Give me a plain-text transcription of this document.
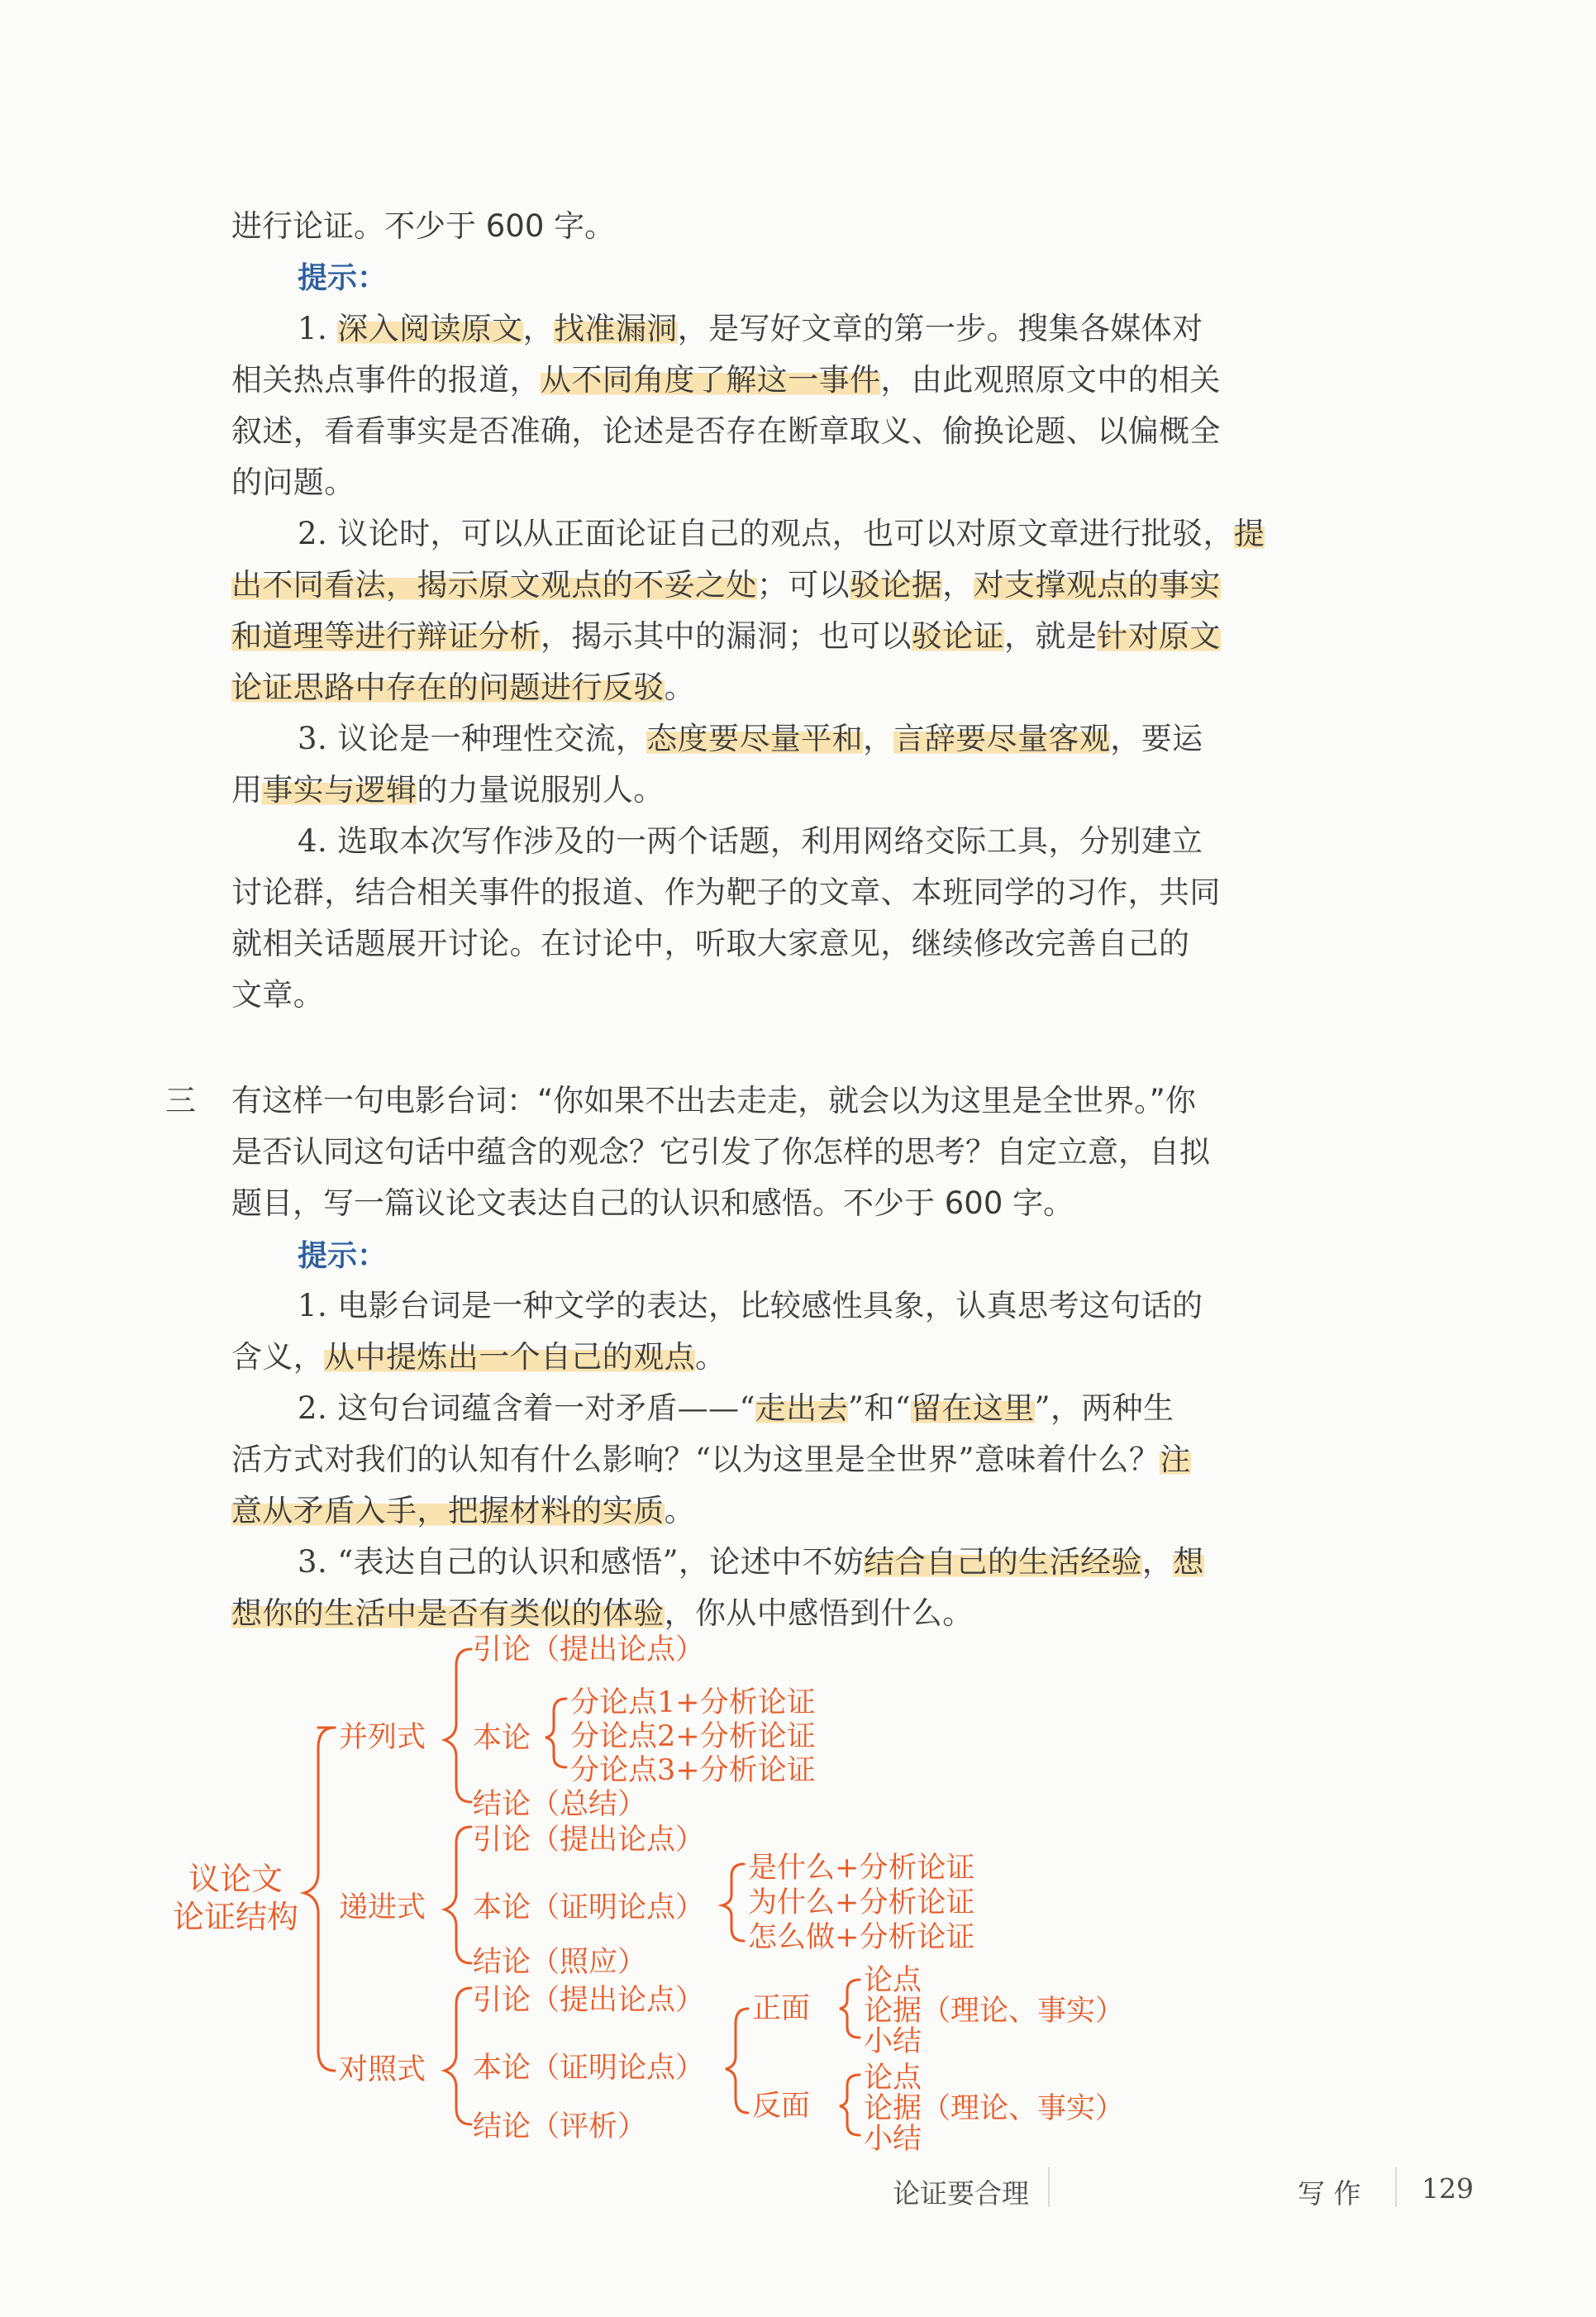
进行论证。不少于 600 字。
提示：
1. 深入阅读原文，找准漏洞，是写好文章的第一步。搜集各媒体对
相关热点事件的报道，从不同角度了解这一事件，由此观照原文中的相关
叙述，看看事实是否准确，论述是否存在断章取义、偷换论题、以偏概全
的问题。
2. 议论时，可以从正面论证自己的观点，也可以对原文章进行批驳，提
出不同看法，揭示原文观点的不妥之处；可以驳论据，对支撑观点的事实
和道理等进行辩证分析，揭示其中的漏洞；也可以驳论证，就是针对原文
论证思路中存在的问题进行反驳。
3. 议论是一种理性交流，态度要尽量平和，言辞要尽量客观，要运
用事实与逻辑的力量说服别人。
4. 选取本次写作涉及的一两个话题，利用网络交际工具，分别建立
讨论群，结合相关事件的报道、作为靶子的文章、本班同学的习作，共同
就相关话题展开讨论。在讨论中，听取大家意见，继续修改完善自己的
文章。
三 有这样一句电影台词：“你如果不出去走走，就会以为这里是全世界。”你
是否认同这句话中蕴含的观念？它引发了你怎样的思考？自定立意，自拟
题目，写一篇议论文表达自己的认识和感悟。不少于 600 字。
提示：
1. 电影台词是一种文学的表达，比较感性具象，认真思考这句话的
含义，从中提炼出一个自己的观点。
2. 这句台词蕴含着一对矛盾——“走出去”和“留在这里”，两种生
活方式对我们的认知有什么影响？“以为这里是全世界”意味着什么？注
意从矛盾入手，把握材料的实质。
3. “表达自己的认识和感悟”，论述中不妨结合自己的生活经验，想
想你的生活中是否有类似的体验，你从中感悟到什么。
议论文
论证结构
并列式
引论（提出论点）
本论
分论点1+分析论证
分论点2+分析论证
分论点3+分析论证
结论（总结）
递进式
引论（提出论点）
本论（证明论点）
是什么+分析论证
为什么+分析论证
怎么做+分析论证
结论（照应）
对照式
引论（提出论点）
本论（证明论点）
结论（评析）
正面
论点
论据（理论、事实）
小结
反面
论点
论据（理论、事实）
小结
论证要合理	写 作 129
